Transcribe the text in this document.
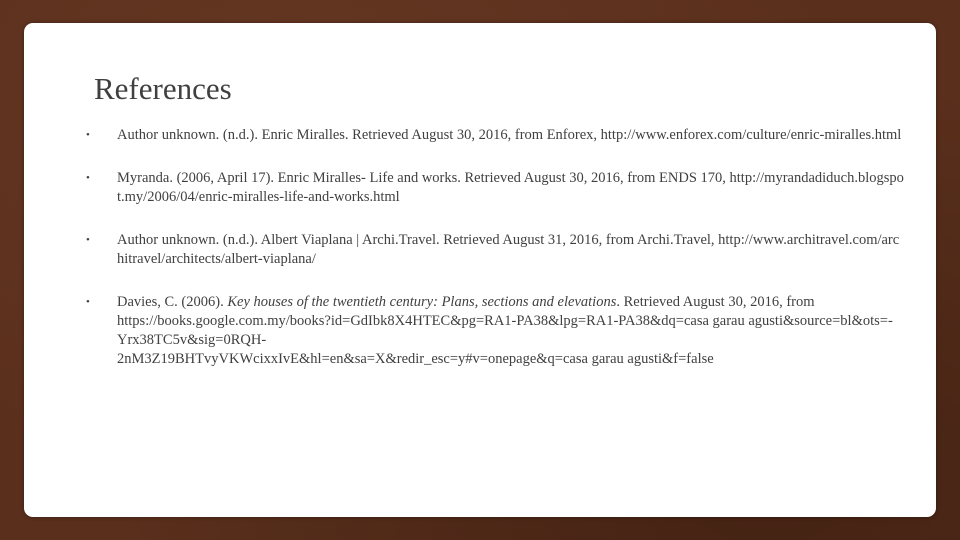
References
• Author unknown. (n.d.). Enric Miralles. Retrieved August 30, 2016, from Enforex, http://www.enforex.com/culture/enric-miralles.html
• Myranda. (2006, April 17). Enric Miralles- Life and works. Retrieved August 30, 2016, from ENDS 170, http://myrandadiduch.blogspot.my/2006/04/enric-miralles-life-and-works.html
• Author unknown. (n.d.). Albert Viaplana | Archi.Travel. Retrieved August 31, 2016, from Archi.Travel, http://www.architravel.com/architravel/architects/albert-viaplana/
• Davies, C. (2006). Key houses of the twentieth century: Plans, sections and elevations. Retrieved August 30, 2016, from https://books.google.com.my/books?id=GdIbk8X4HTEC&pg=RA1-PA38&lpg=RA1-PA38&dq=casa garau agusti&source=bl&ots=-Yrx38TC5v&sig=0RQH-
2nM3Z19BHTvyVKWcixxIvE&hl=en&sa=X&redir_esc=y#v=onepage&q=casa garau agusti&f=false
